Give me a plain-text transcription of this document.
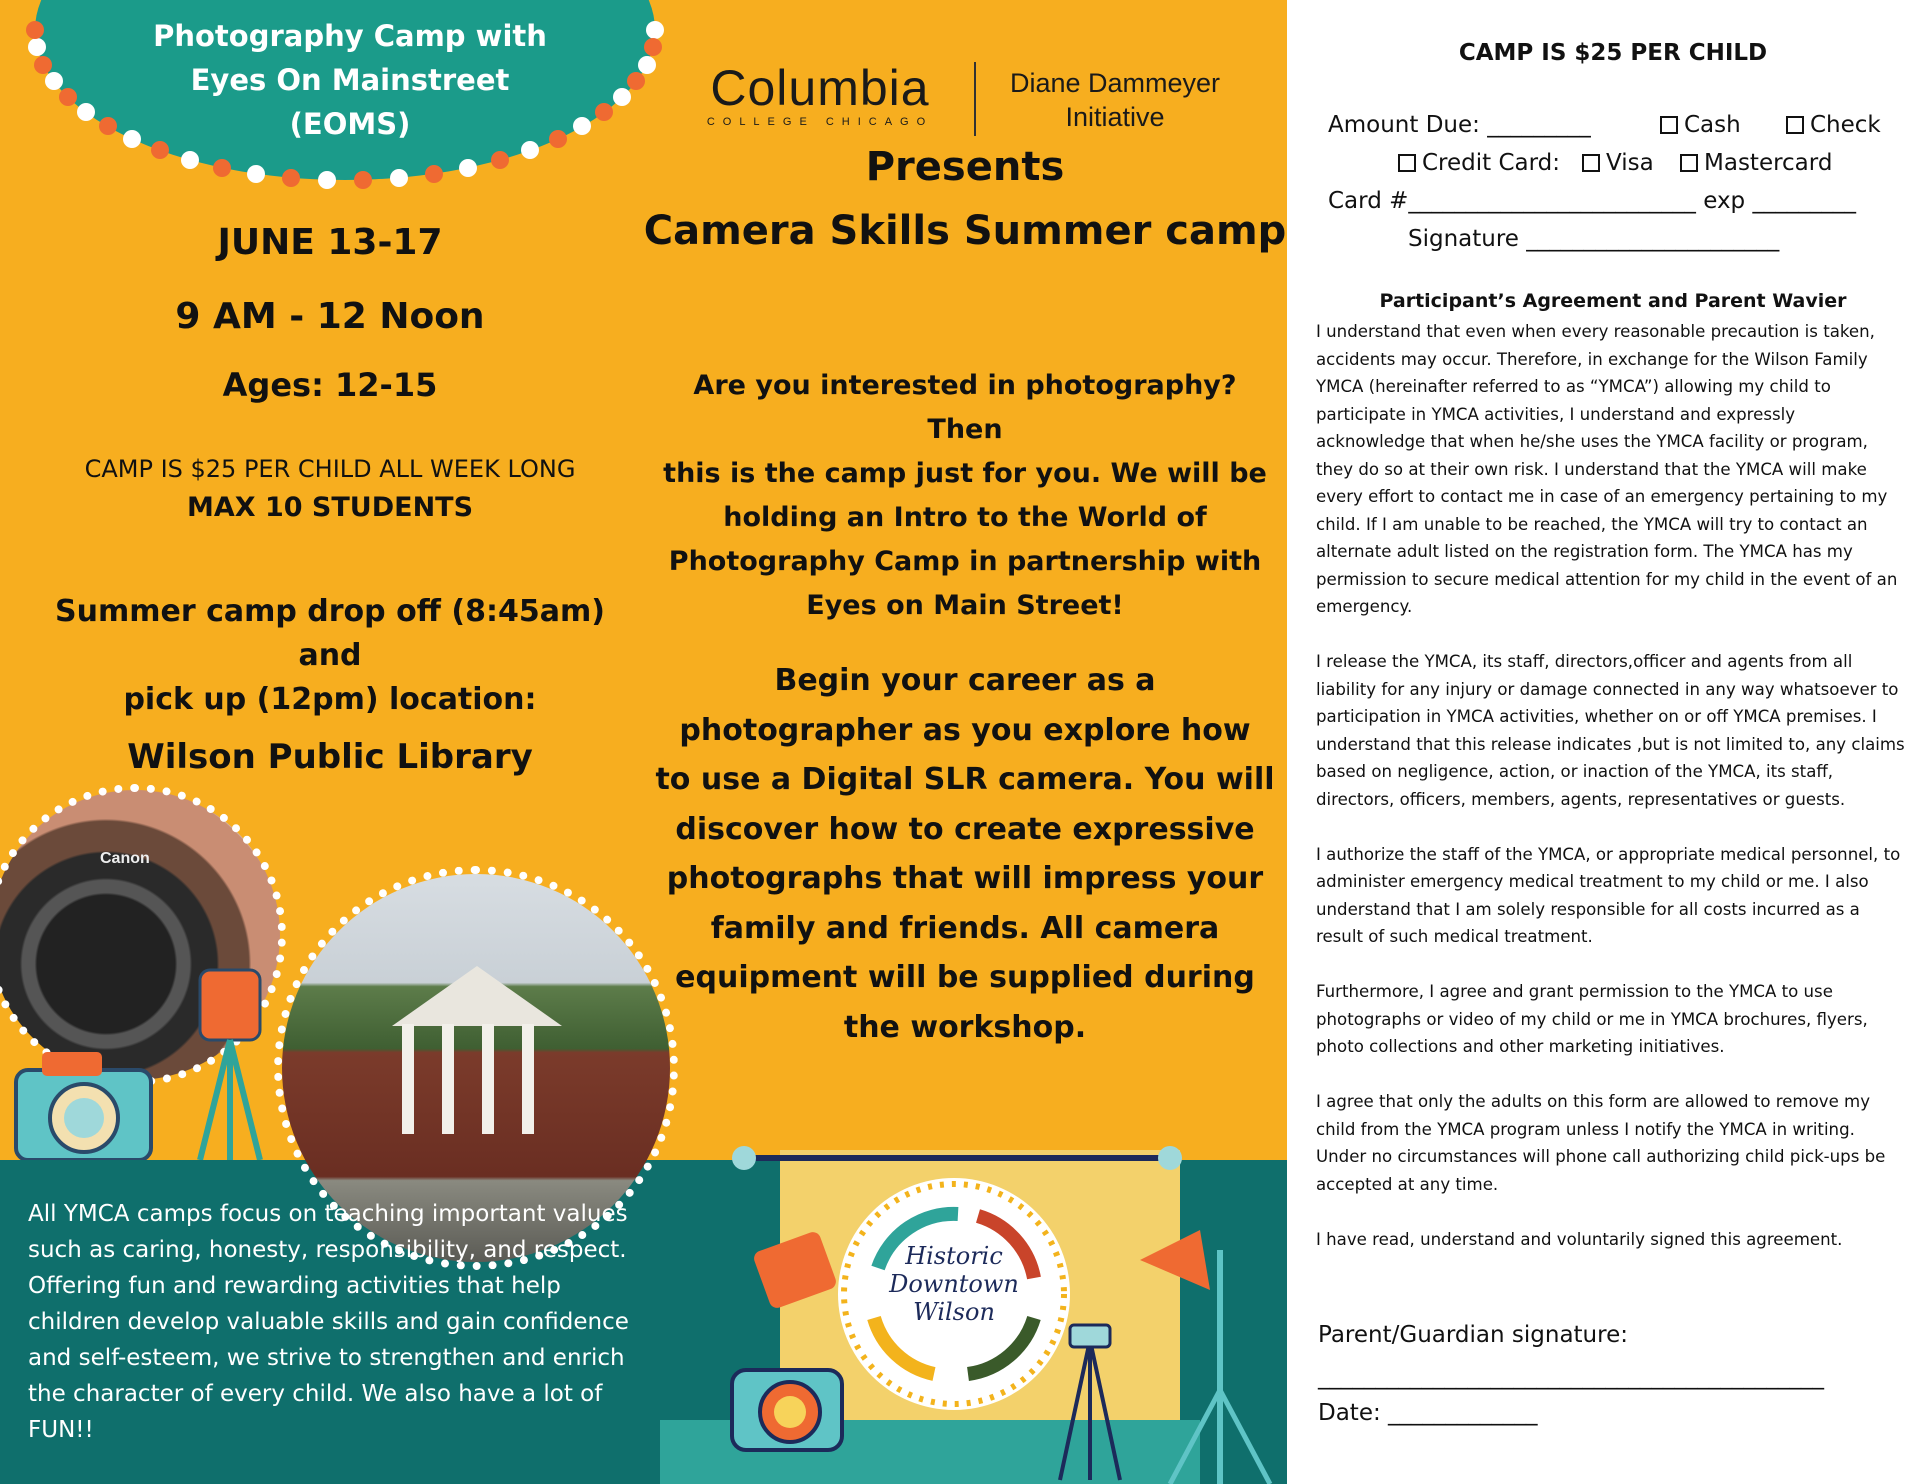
Photography Camp with
Eyes On Mainstreet
(EOMS)
JUNE 13-17
9 AM - 12 Noon
Ages: 12-15
CAMP IS $25 PER CHILD ALL WEEK LONG
MAX 10 STUDENTS
Summer camp drop off (8:45am) and
pick up (12pm) location:
Wilson Public Library
Canon
Columbia
COLLEGE CHICAGO
Diane Dammeyer
Initiative
Presents
Camera Skills Summer camp
Are you interested in photography? Then
this is the camp just for you. We will be
holding an Intro to the World of
Photography Camp in partnership with
Eyes on Main Street!
Begin your career as a
photographer as you explore how
to use a Digital SLR camera. You will
discover how to create expressive
photographs that will impress your
family and friends. All camera
equipment will be supplied during
the workshop.
All YMCA camps focus on teaching important values
such as caring, honesty, responsibility, and respect.
Offering fun and rewarding activities that help
children develop valuable skills and gain confidence
and self-esteem, we strive to strengthen and enrich
the character of every child. We also have a lot of
FUN!!
Historic
Downtown
Wilson
CAMP IS $25 PER CHILD
Amount Due: _________	Cash	Check
Credit Card:	Visa	Mastercard
Card #_________________________ exp _________
Signature ______________________
Participant’s Agreement and Parent Wavier

I understand that even when every reasonable precaution is taken, accidents may occur. Therefore, in exchange for the Wilson Family YMCA (hereinafter referred to as “YMCA”) allowing my child to participate in YMCA activities, I understand and expressly acknowledge that when he/she uses the YMCA facility or program, they do so at their own risk. I understand that the YMCA will make every effort to contact me in case of an emergency pertaining to my child. If I am unable to be reached, the YMCA will try to contact an alternate adult listed on the registration form. The YMCA has my permission to secure medical attention for my child in the event of an emergency.

I release the YMCA, its staff, directors,officer and agents from all liability for any injury or damage connected in any way whatsoever to participation in YMCA activities, whether on or off YMCA premises. I understand that this release indicates ,but is not limited to, any claims based on negligence, action, or inaction of the YMCA, its staff, directors, officers, members, agents, representatives or guests.

I authorize the staff of the YMCA, or appropriate medical personnel, to administer emergency medical treatment to my child or me. I also understand that I am solely responsible for all costs incurred as a result of such medical treatment.

Furthermore, I agree and grant permission to the YMCA to use photographs or video of my child or me in YMCA brochures, flyers, photo collections and other marketing initiatives.

I agree that only the adults on this form are allowed to remove my child from the YMCA program unless I notify the YMCA in writing. Under no circumstances will phone call authorizing child pick-ups be accepted at any time.

I have read, understand and voluntarily signed this agreement.

Parent/Guardian signature:
____________________________________________
Date: _____________
